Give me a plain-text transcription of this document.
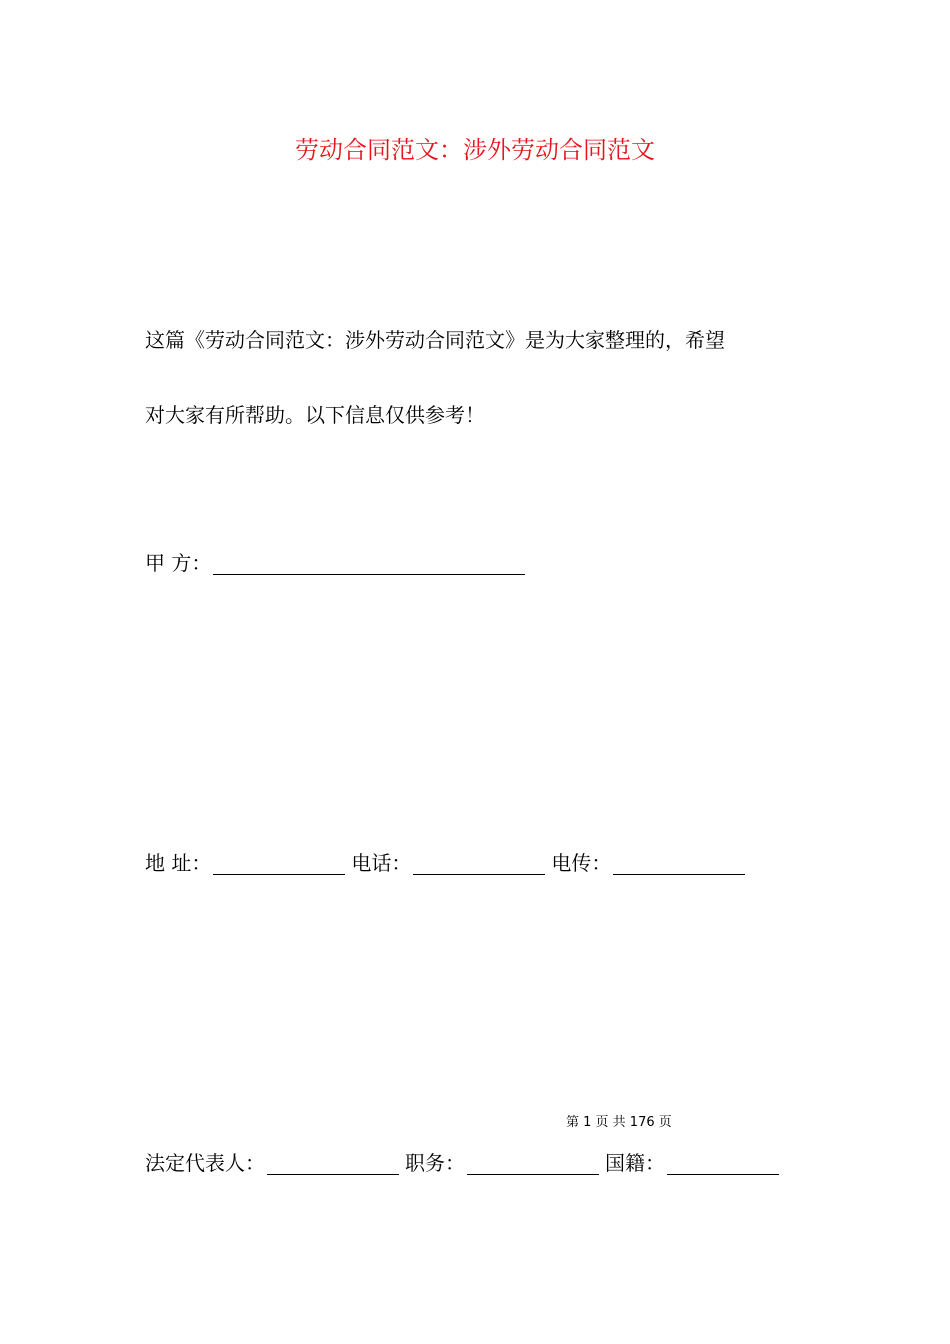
劳动合同范文：涉外劳动合同范文
这篇《劳动合同范文：涉外劳动合同范文》是为大家整理的，希望
对大家有所帮助。以下信息仅供参考！
甲 方：
地 址：	电话：	电传：
第 1 页 共 176 页
法定代表人：	职务：	国籍：
